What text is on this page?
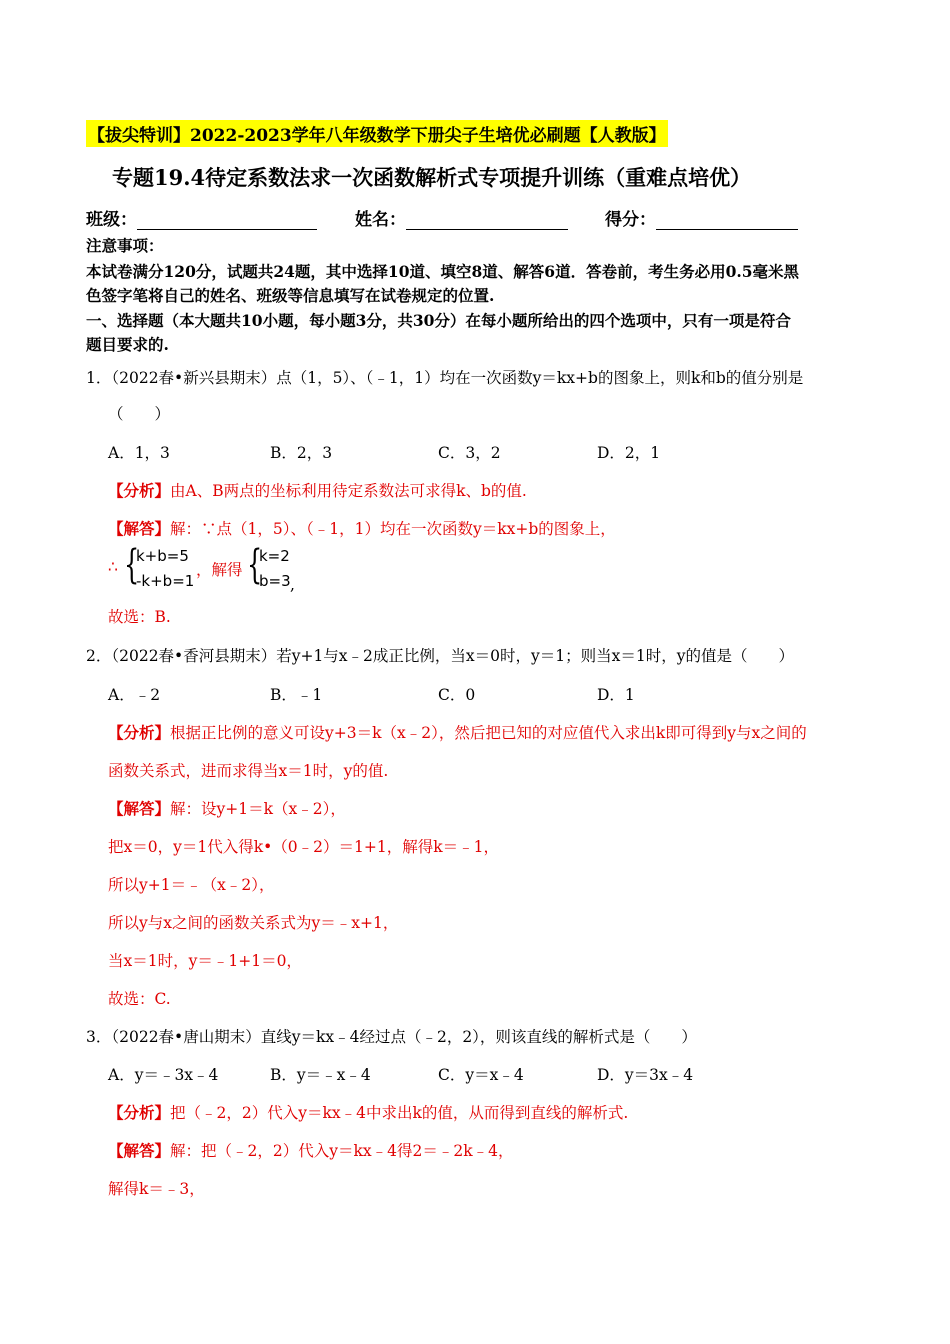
【拔尖特训】2022-2023学年八年级数学下册尖子生培优必刷题【人教版】
专题19.4待定系数法求一次函数解析式专项提升训练（重难点培优）
班级：	姓名：	得分：
注意事项：
本试卷满分120分，试题共24题，其中选择10道、填空8道、解答6道．答卷前，考生务必用0.5毫米黑
色签字笔将自己的姓名、班级等信息填写在试卷规定的位置.
一、选择题（本大题共10小题，每小题3分，共30分）在每小题所给出的四个选项中，只有一项是符合
题目要求的.
1．（2022春•新兴县期末）点（1，5）、（﹣1，1）均在一次函数y＝kx+b的图象上，则k和b的值分别是
（　　）
A．1，3	B．2，3	C．3，2	D．2，1
【分析】由A、B两点的坐标利用待定系数法可求得k、b的值.
【解答】解：∵点（1，5）、（﹣1，1）均在一次函数y＝kx+b的图象上，
∴ {
k+b=5
-k+b=1
，解得 {
k=2
b=3 ,
故选：B.
2．（2022春•香河县期末）若y+1与x﹣2成正比例，当x＝0时，y＝1；则当x＝1时，y的值是（　　）
A．﹣2	B．﹣1	C．0	D．1
【分析】根据正比例的意义可设y+3＝k（x﹣2），然后把已知的对应值代入求出k即可得到y与x之间的
函数关系式，进而求得当x＝1时，y的值.
【解答】解：设y+1＝k（x﹣2），
把x＝0，y＝1代入得k•（0﹣2）＝1+1，解得k＝﹣1，
所以y+1＝﹣（x﹣2），
所以y与x之间的函数关系式为y＝﹣x+1，
当x＝1时，y＝﹣1+1＝0，
故选：C.
3．（2022春•唐山期末）直线y＝kx﹣4经过点（﹣2，2），则该直线的解析式是（　　）
A．y＝﹣3x﹣4	B．y＝﹣x﹣4	C．y＝x﹣4	D．y＝3x﹣4
【分析】把（﹣2，2）代入y＝kx﹣4中求出k的值，从而得到直线的解析式.
【解答】解：把（﹣2，2）代入y＝kx﹣4得2＝﹣2k﹣4，
解得k＝﹣3，
